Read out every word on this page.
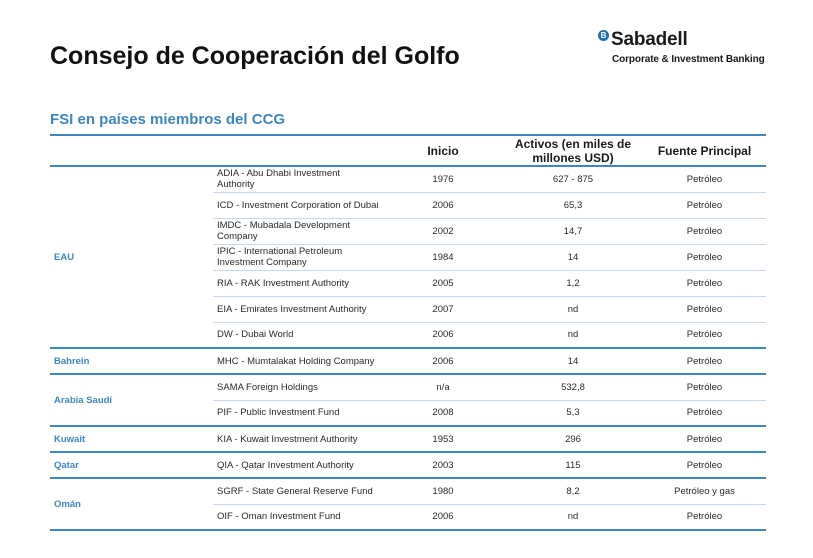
Consejo de Cooperación del Golfo
B Sabadell
Corporate & Investment Banking
FSI en países miembros del CCG
		Inicio	Activos (en miles de millones USD)	Fuente Principal
EAU	ADIA - Abu Dhabi Investment Authority	1976	627 - 875	Petróleo
	ICD - Investment Corporation of Dubai	2006	65,3	Petróleo
	IMDC - Mubadala Development Company	2002	14,7	Petróleo
	IPIC - International Petroleum Investment Company	1984	14	Petróleo
	RIA - RAK Investment Authority	2005	1,2	Petróleo
	EIA - Emirates Investment Authority	2007	nd	Petróleo
	DW - Dubai World	2006	nd	Petróleo
Bahrein	MHC - Mumtalakat Holding Company	2006	14	Petróleo
Arabia Saudí	SAMA Foreign Holdings	n/a	532,8	Petróleo
	PIF - Public Investment Fund	2008	5,3	Petróleo
Kuwait	KIA - Kuwait Investment Authority	1953	296	Petróleo
Qatar	QIA - Qatar Investment Authority	2003	115	Petróleo
Omán	SGRF - State General Reserve Fund	1980	8,2	Petróleo y gas
	OIF - Oman Investment Fund	2006	nd	Petróleo
